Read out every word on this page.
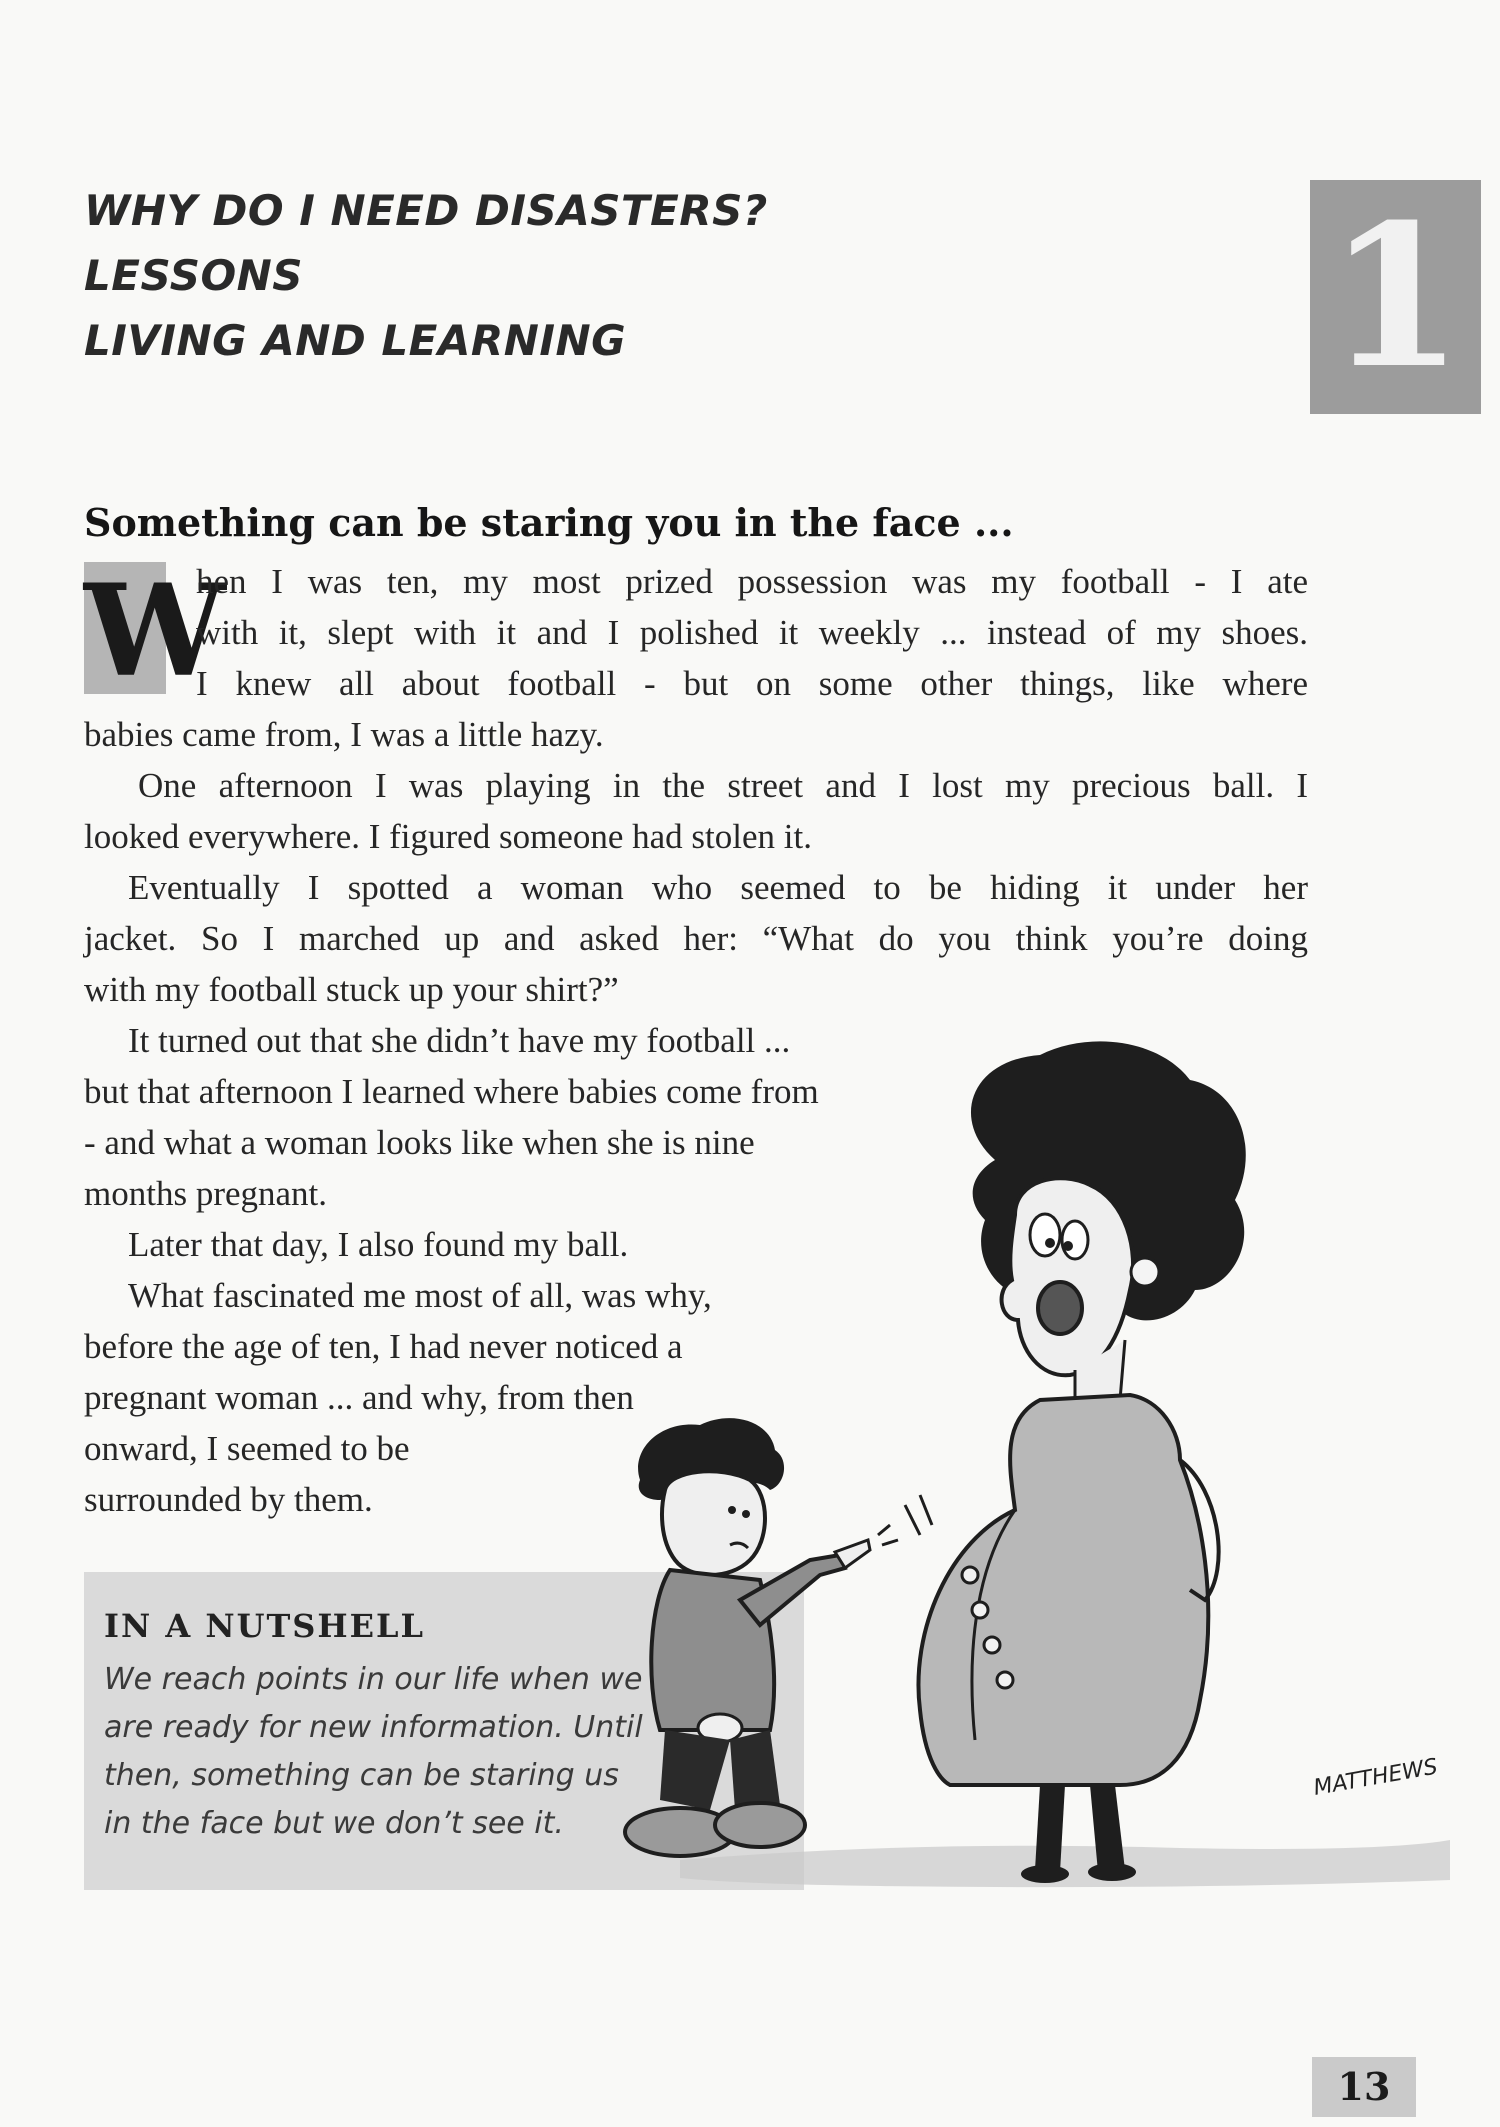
WHY DO I NEED DISASTERS?
LESSONS
LIVING AND LEARNING	1
Something can be staring you in the face ...
W
hen I was ten, my most prized possession was my football - I ate
with it, slept with it and I polished it weekly ... instead of my shoes.
I knew all about football - but on some other things, like where
babies came from, I was a little hazy.
One afternoon I was playing in the street and I lost my precious ball. I
looked everywhere. I figured someone had stolen it.
Eventually I spotted a woman who seemed to be hiding it under her
jacket. So I marched up and asked her: “What do you think you’re doing
with my football stuck up your shirt?”
It turned out that she didn’t have my football ...
but that afternoon I learned where babies come from
- and what a woman looks like when she is nine
months pregnant.
Later that day, I also found my ball.
What fascinated me most of all, was why,
before the age of ten, I had never noticed a
pregnant woman ... and why, from then
onward, I seemed to be
surrounded by them.
IN A NUTSHELL
We reach points in our life when we
are ready for new information. Until
then, something can be staring us
in the face but we don’t see it.
MATTHEWS
13
